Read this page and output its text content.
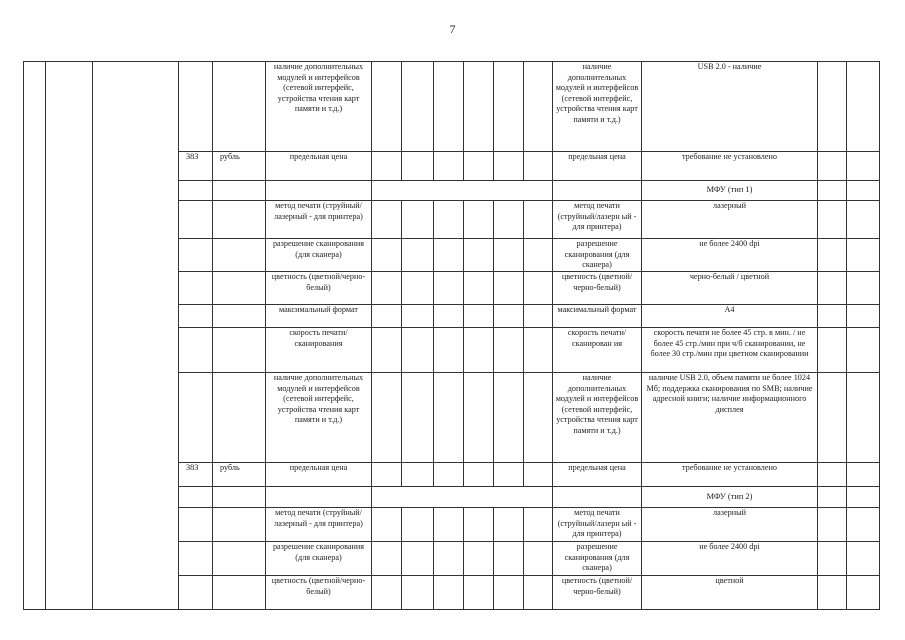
7
					наличие дополнительных модулей и интерфейсов (сетевой интерфейс, устройства чтения карт памяти и т.д.)							наличие дополнительных модулей и интерфейсов (сетевой интерфейс, устройства чтения карт памяти и т.д.)	USB 2.0 - наличие		
			383	рубль	предельная цена							предельная цена	требование не установлено		
													МФУ (тип 1)		
					метод печати (струйный/лазерный - для принтера)							метод печати (струйный/лазерн ый - для принтера)	лазерный		
					разрешение сканирования (для сканера)							разрешение сканирования (для сканера)	не более 2400 dpi		
					цветность (цветной/черно-белый)							цветность (цветной/черно-белый)	черно-белый / цветной		
					максимальный формат							максимальный формат	А4		
					скорость печати/сканирования							скорость печати/сканирован ия	скорость печати не более 45 стр. в мин. / не более 45 стр./мин при ч/б сканировании, не более 30 стр./мин при цветном сканировании		
					наличие дополнительных модулей и интерфейсов (сетевой интерфейс, устройства чтения карт памяти и т.д.)							наличие дополнительных модулей и интерфейсов (сетевой интерфейс, устройства чтения карт памяти и т.д.)	наличие USB 2.0, объем памяти не более 1024 Мб; поддержка сканирования по SMB; наличие адресной книги; наличие информационного дисплея		
			383	рубль	предельная цена							предельная цена	требование не установлено		
													МФУ (тип 2)		
					метод печати (струйный/лазерный - для принтера)							метод печати (струйный/лазерн ый - для принтера)	лазерный		
					разрешение сканирования (для сканера)							разрешение сканирования (для сканера)	не более 2400 dpi		
					цветность (цветной/черно-белый)							цветность (цветной/черно-белый)	цветной		
